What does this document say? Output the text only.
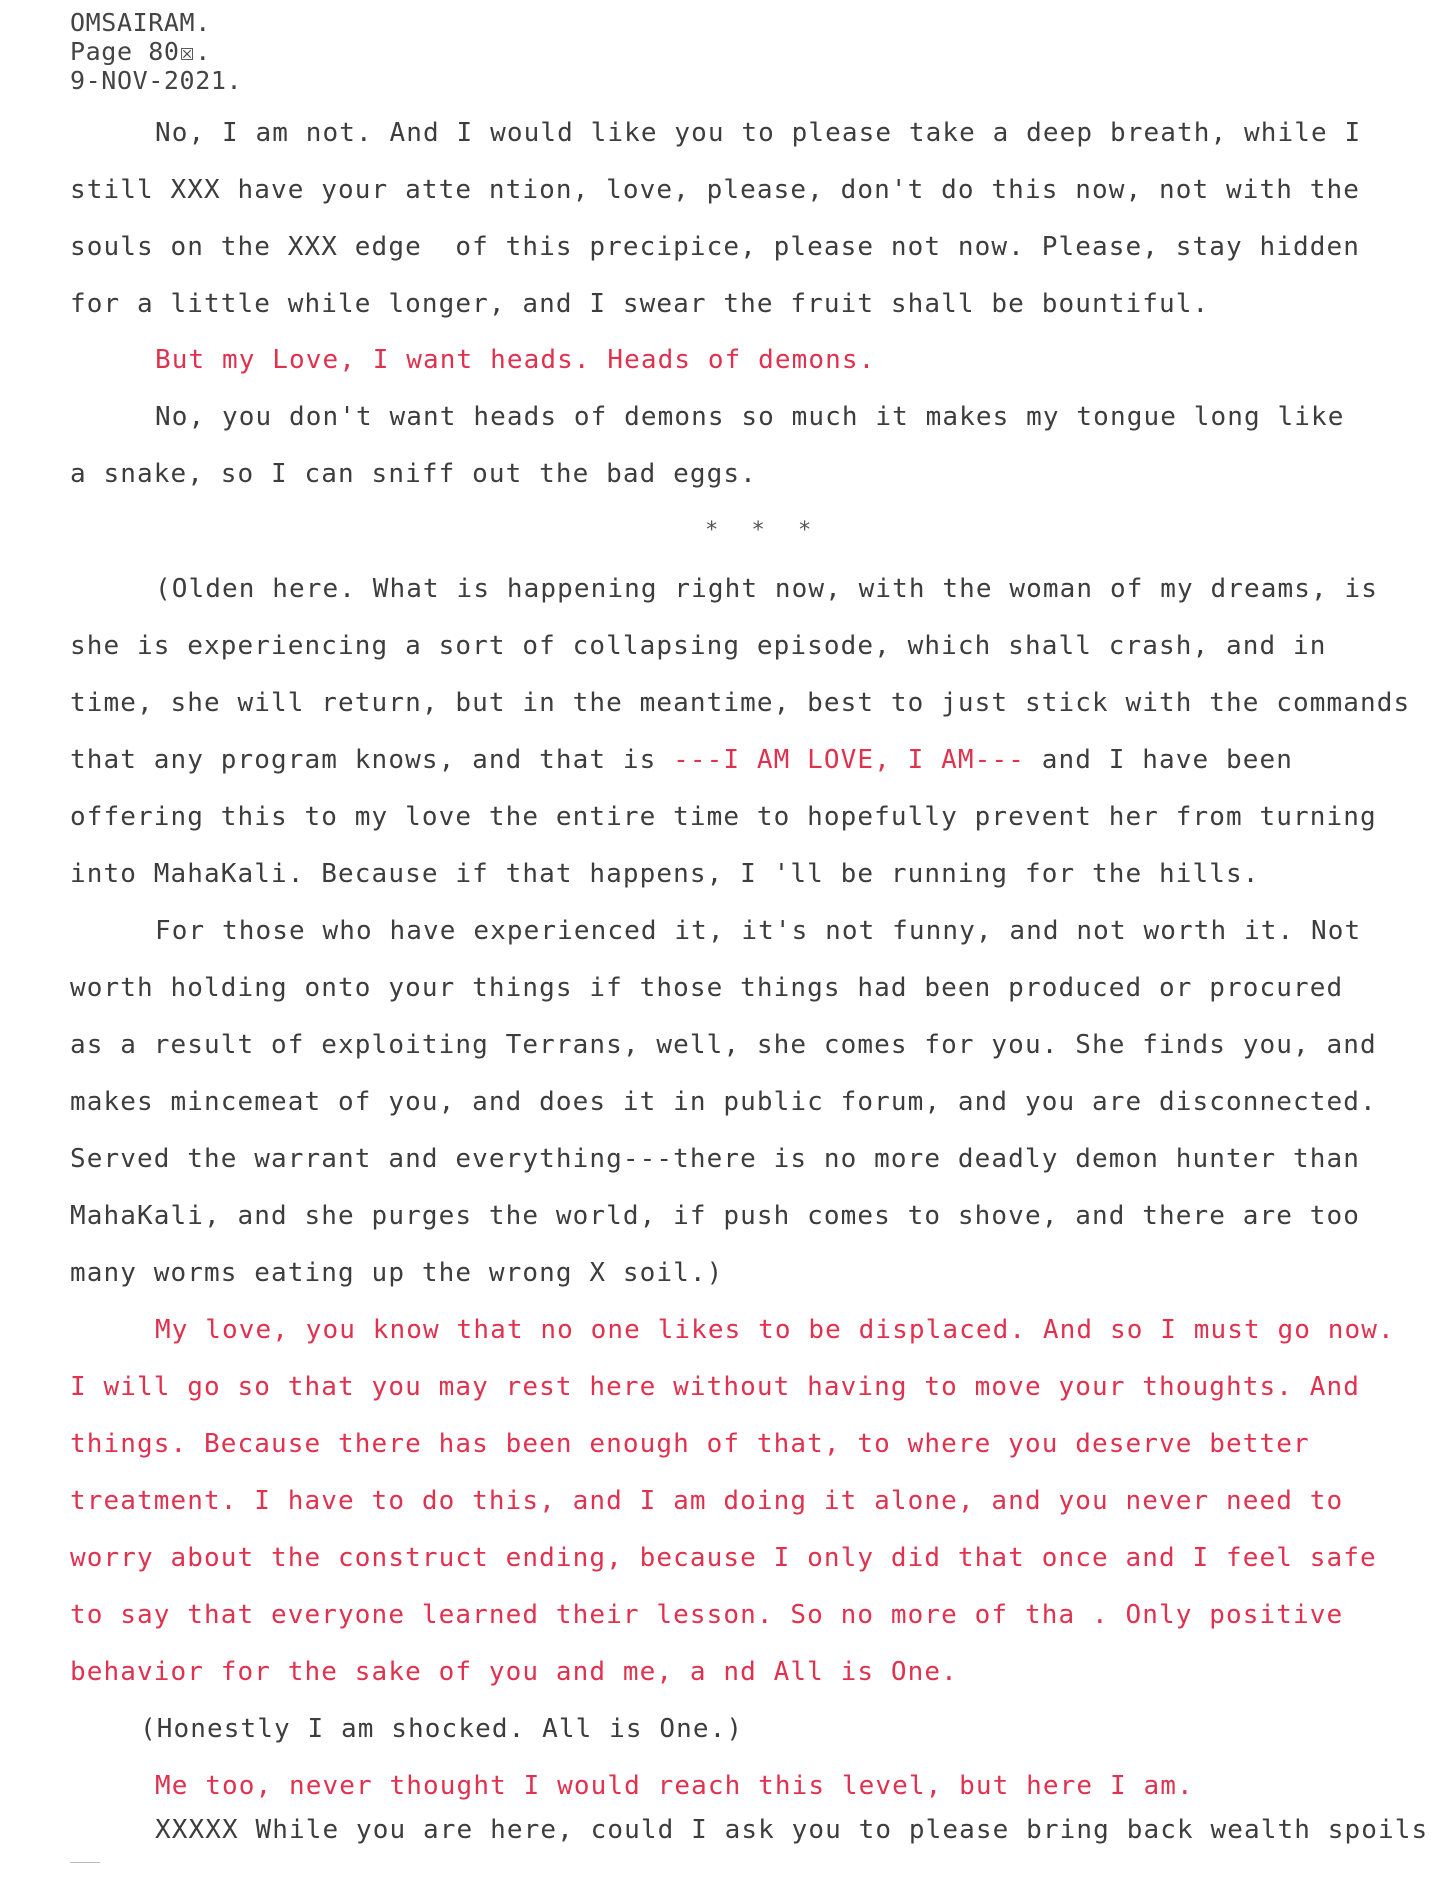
OMSAIRAM.
Page 80☒.
9-NOV-2021.
No, I am not. And I would like you to please take a deep breath, while I
still XXX have your atte ntion, love, please, don't do this now, not with the
souls on the XXX edge  of this precipice, please not now. Please, stay hidden
for a little while longer, and I swear the fruit shall be bountiful.
But my Love, I want heads. Heads of demons.
No, you don't want heads of demons so much it makes my tongue long like
a snake, so I can sniff out the bad eggs.
* * *
(Olden here. What is happening right now, with the woman of my dreams, is
she is experiencing a sort of collapsing episode, which shall crash, and in
time, she will return, but in the meantime, best to just stick with the commands
that any program knows, and that is ---I AM LOVE, I AM--- and I have been
offering this to my love the entire time to hopefully prevent her from turning
into MahaKali. Because if that happens, I 'll be running for the hills.
For those who have experienced it, it's not funny, and not worth it. Not
worth holding onto your things if those things had been produced or procured
as a result of exploiting Terrans, well, she comes for you. She finds you, and
makes mincemeat of you, and does it in public forum, and you are disconnected.
Served the warrant and everything---there is no more deadly demon hunter than
MahaKali, and she purges the world, if push comes to shove, and there are too
many worms eating up the wrong X soil.)
My love, you know that no one likes to be displaced. And so I must go now.
I will go so that you may rest here without having to move your thoughts. And
things. Because there has been enough of that, to where you deserve better
treatment. I have to do this, and I am doing it alone, and you never need to
worry about the construct ending, because I only did that once and I feel safe
to say that everyone learned their lesson. So no more of tha . Only positive
behavior for the sake of you and me, a nd All is One.
(Honestly I am shocked. All is One.)
Me too, never thought I would reach this level, but here I am.
XXXXX While you are here, could I ask you to please bring back wealth spoils
